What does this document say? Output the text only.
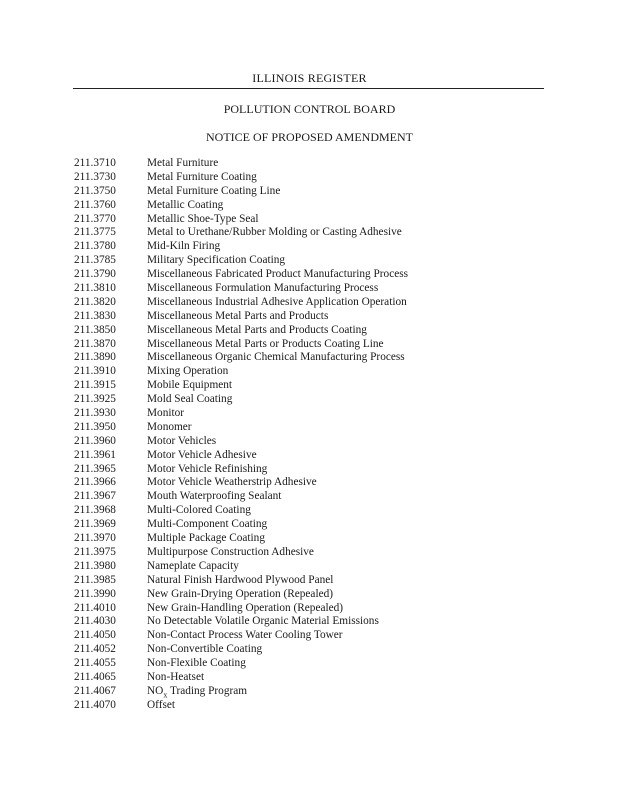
ILLINOIS REGISTER
POLLUTION CONTROL BOARD
NOTICE OF PROPOSED AMENDMENT
211.3710	Metal Furniture
211.3730	Metal Furniture Coating
211.3750	Metal Furniture Coating Line
211.3760	Metallic Coating
211.3770	Metallic Shoe-Type Seal
211.3775	Metal to Urethane/Rubber Molding or Casting Adhesive
211.3780	Mid-Kiln Firing
211.3785	Military Specification Coating
211.3790	Miscellaneous Fabricated Product Manufacturing Process
211.3810	Miscellaneous Formulation Manufacturing Process
211.3820	Miscellaneous Industrial Adhesive Application Operation
211.3830	Miscellaneous Metal Parts and Products
211.3850	Miscellaneous Metal Parts and Products Coating
211.3870	Miscellaneous Metal Parts or Products Coating Line
211.3890	Miscellaneous Organic Chemical Manufacturing Process
211.3910	Mixing Operation
211.3915	Mobile Equipment
211.3925	Mold Seal Coating
211.3930	Monitor
211.3950	Monomer
211.3960	Motor Vehicles
211.3961	Motor Vehicle Adhesive
211.3965	Motor Vehicle Refinishing
211.3966	Motor Vehicle Weatherstrip Adhesive
211.3967	Mouth Waterproofing Sealant
211.3968	Multi-Colored Coating
211.3969	Multi-Component Coating
211.3970	Multiple Package Coating
211.3975	Multipurpose Construction Adhesive
211.3980	Nameplate Capacity
211.3985	Natural Finish Hardwood Plywood Panel
211.3990	New Grain-Drying Operation (Repealed)
211.4010	New Grain-Handling Operation (Repealed)
211.4030	No Detectable Volatile Organic Material Emissions
211.4050	Non-Contact Process Water Cooling Tower
211.4052	Non-Convertible Coating
211.4055	Non-Flexible Coating
211.4065	Non-Heatset
211.4067	$NO_x$ Trading Program
211.4070	Offset
